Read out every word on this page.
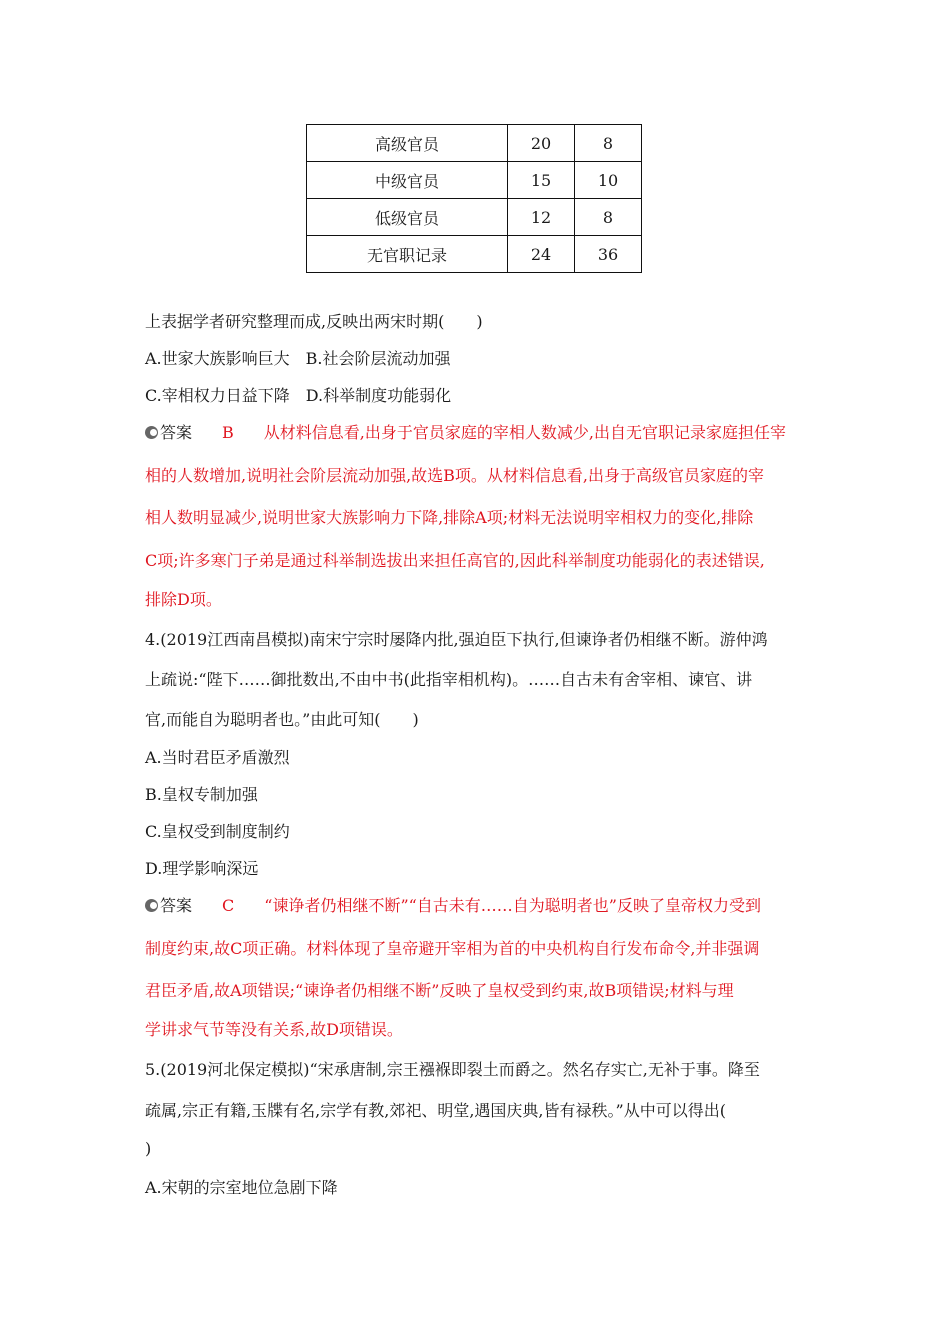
高级官员	20	8
中级官员	15	10
低级官员	12	8
无官职记录	24	36
上表据学者研究整理而成,反映出两宋时期(　　)
A.世家大族影响巨大　B.社会阶层流动加强
C.宰相权力日益下降　D.科举制度功能弱化
答案 B 从材料信息看,出身于官员家庭的宰相人数减少,出自无官职记录家庭担任宰
相的人数增加,说明社会阶层流动加强,故选B项。从材料信息看,出身于高级官员家庭的宰
相人数明显减少,说明世家大族影响力下降,排除A项;材料无法说明宰相权力的变化,排除
C项;许多寒门子弟是通过科举制选拔出来担任高官的,因此科举制度功能弱化的表述错误,
排除D项。
4.(2019江西南昌模拟)南宋宁宗时屡降内批,强迫臣下执行,但谏诤者仍相继不断。游仲鸿
上疏说:“陛下……御批数出,不由中书(此指宰相机构)。……自古未有舍宰相、谏官、讲
官,而能自为聪明者也。”由此可知(　　)
A.当时君臣矛盾激烈
B.皇权专制加强
C.皇权受到制度制约
D.理学影响深远
答案 C “谏诤者仍相继不断”“自古未有……自为聪明者也”反映了皇帝权力受到
制度约束,故C项正确。材料体现了皇帝避开宰相为首的中央机构自行发布命令,并非强调
君臣矛盾,故A项错误;“谏诤者仍相继不断”反映了皇权受到约束,故B项错误;材料与理
学讲求气节等没有关系,故D项错误。
5.(2019河北保定模拟)“宋承唐制,宗王襁褓即裂土而爵之。然名存实亡,无补于事。降至
疏属,宗正有籍,玉牒有名,宗学有教,郊祀、明堂,遇国庆典,皆有禄秩。”从中可以得出(
)
A.宋朝的宗室地位急剧下降
